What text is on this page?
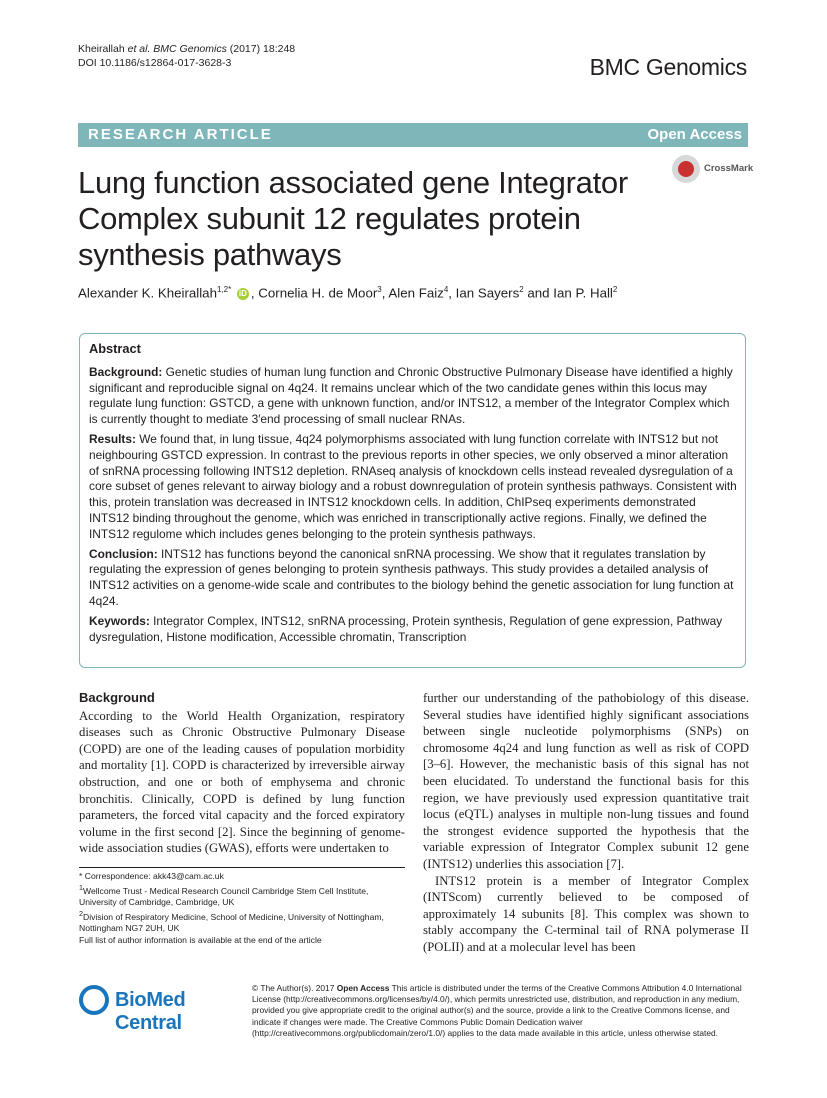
Kheirallah et al. BMC Genomics (2017) 18:248
DOI 10.1186/s12864-017-3628-3	BMC Genomics
RESEARCH ARTICLE	Open Access
CrossMark
Lung function associated gene Integrator Complex subunit 12 regulates protein synthesis pathways
Alexander K. Kheirallah$^{1,2*}$ iD , Cornelia H. de Moor$^3$, Alen Faiz$^4$, Ian Sayers$^2$ and Ian P. Hall$^2$
Abstract

Background: Genetic studies of human lung function and Chronic Obstructive Pulmonary Disease have identified a highly significant and reproducible signal on 4q24. It remains unclear which of the two candidate genes within this locus may regulate lung function: GSTCD, a gene with unknown function, and/or INTS12, a member of the Integrator Complex which is currently thought to mediate 3′end processing of small nuclear RNAs.

Results: We found that, in lung tissue, 4q24 polymorphisms associated with lung function correlate with INTS12 but not neighbouring GSTCD expression. In contrast to the previous reports in other species, we only observed a minor alteration of snRNA processing following INTS12 depletion. RNAseq analysis of knockdown cells instead revealed dysregulation of a core subset of genes relevant to airway biology and a robust downregulation of protein synthesis pathways. Consistent with this, protein translation was decreased in INTS12 knockdown cells. In addition, ChIPseq experiments demonstrated INTS12 binding throughout the genome, which was enriched in transcriptionally active regions. Finally, we defined the INTS12 regulome which includes genes belonging to the protein synthesis pathways.

Conclusion: INTS12 has functions beyond the canonical snRNA processing. We show that it regulates translation by regulating the expression of genes belonging to protein synthesis pathways. This study provides a detailed analysis of INTS12 activities on a genome-wide scale and contributes to the biology behind the genetic association for lung function at 4q24.

Keywords: Integrator Complex, INTS12, snRNA processing, Protein synthesis, Regulation of gene expression, Pathway dysregulation, Histone modification, Accessible chromatin, Transcription

Background

According to the World Health Organization, respiratory diseases such as Chronic Obstructive Pulmonary Disease (COPD) are one of the leading causes of population morbidity and mortality [1]. COPD is characterized by irreversible airway obstruction, and one or both of emphysema and chronic bronchitis. Clinically, COPD is defined by lung function parameters, the forced vital capacity and the forced expiratory volume in the first second [2]. Since the beginning of genome-wide association studies (GWAS), efforts were undertaken to

further our understanding of the pathobiology of this disease. Several studies have identified highly significant associations between single nucleotide polymorphisms (SNPs) on chromosome 4q24 and lung function as well as risk of COPD [3–6]. However, the mechanistic basis of this signal has not been elucidated. To understand the functional basis for this region, we have previously used expression quantitative trait locus (eQTL) analyses in multiple non-lung tissues and found the strongest evidence supported the hypothesis that the variable expression of Integrator Complex subunit 12 gene (INTS12) underlies this association [7].

INTS12 protein is a member of Integrator Complex (INTScom) currently believed to be composed of approximately 14 subunits [8]. This complex was shown to stably accompany the C-terminal tail of RNA polymerase II (POLII) and at a molecular level has been

* Correspondence: akk43@cam.ac.uk

$^1$Wellcome Trust - Medical Research Council Cambridge Stem Cell Institute, University of Cambridge, Cambridge, UK

$^2$Division of Respiratory Medicine, School of Medicine, University of Nottingham, Nottingham NG7 2UH, UK

Full list of author information is available at the end of the article

BioMed Central
© The Author(s). 2017 Open Access This article is distributed under the terms of the Creative Commons Attribution 4.0 International License (http://creativecommons.org/licenses/by/4.0/), which permits unrestricted use, distribution, and reproduction in any medium, provided you give appropriate credit to the original author(s) and the source, provide a link to the Creative Commons license, and indicate if changes were made. The Creative Commons Public Domain Dedication waiver (http://creativecommons.org/publicdomain/zero/1.0/) applies to the data made available in this article, unless otherwise stated.
